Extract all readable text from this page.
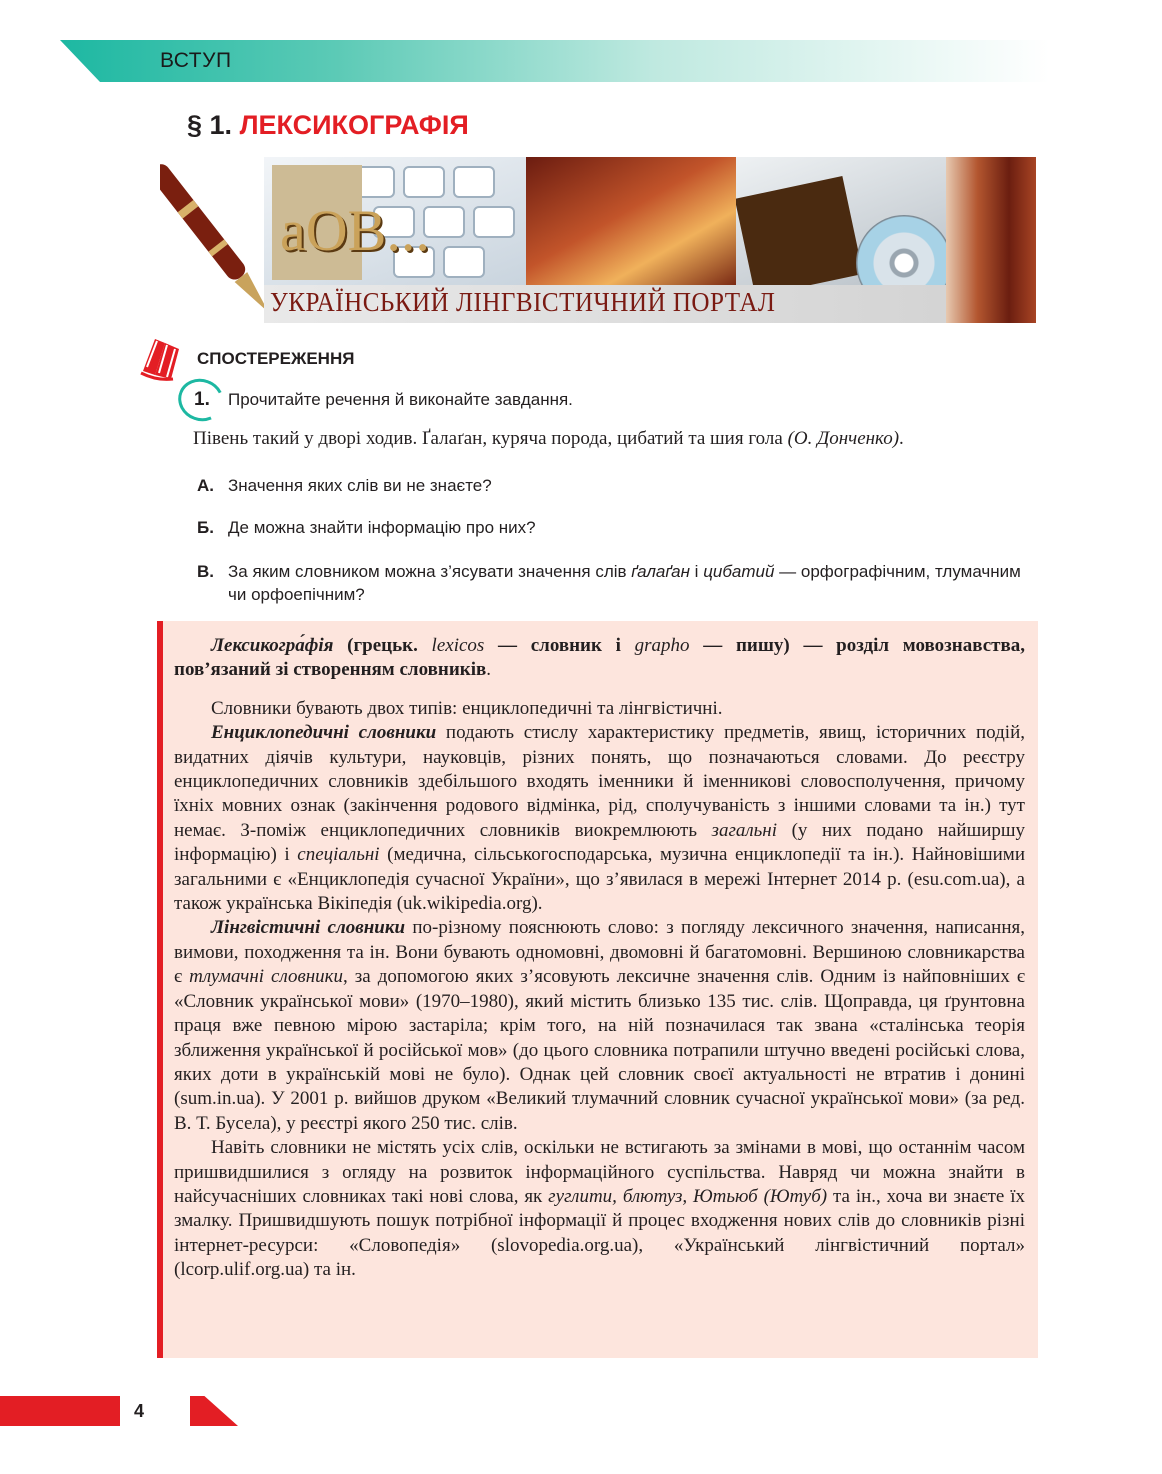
ВСТУП
§ 1. ЛЕКСИКОГРАФІЯ
аОВ...
УКРАЇНСЬКИЙ ЛІНГВІСТИЧНИЙ ПОРТАЛ
СПОСТЕРЕЖЕННЯ
1. Прочитайте речення й виконайте завдання.
Півень такий у дворі ходив. Ґалаґан, куряча порода, цибатий та шия гола (О. Донченко).
А. Значення яких слів ви не знаєте?
Б. Де можна знайти інформацію про них?
В. За яким словником можна з’ясувати значення слів ґалаґан і цибатий — орфографічним, тлумачним чи орфоепічним?

Лексикогра́фія (грецьк. lexicos — словник і grapho — пишу) — розділ мовознавства, пов’язаний зі створенням словників.

Словники бувають двох типів: енциклопедичні та лінгвістичні.

Енциклопедичні словники подають стислу характеристику предметів, явищ, історичних подій, видатних діячів культури, науковців, різних понять, що позначаються словами. До реєстру енциклопедичних словників здебільшого входять іменники й іменникові словосполучення, причому їхніх мовних ознак (закінчення родового відмінка, рід, сполучуваність з іншими словами та ін.) тут немає. З-поміж енциклопедичних словників виокремлюють загальні (у них подано найширшу інформацію) і спеціальні (медична, сільськогосподарська, музична енциклопедії та ін.). Найновішими загальними є «Енциклопедія сучасної України», що з’явилася в мережі Інтернет 2014 р. (esu.com.ua), а також українська Вікіпедія (uk.wikipedia.org).

Лінгвістичні словники по-різному пояснюють слово: з погляду лексичного значення, написання, вимови, походження та ін. Вони бувають одномовні, двомовні й багатомовні. Вершиною словникарства є тлумачні словники, за допомогою яких з’ясовують лексичне значення слів. Одним із найповніших є «Словник української мови» (1970–1980), який містить близько 135 тис. слів. Щоправда, ця ґрунтовна праця вже певною мірою застаріла; крім того, на ній позначилася так звана «сталінська теорія зближення української й російської мов» (до цього словника потрапили штучно введені російські слова, яких доти в українській мові не було). Однак цей словник своєї актуальності не втратив і донині (sum.in.ua). У 2001 р. вийшов друком «Великий тлумачний словник сучасної української мови» (за ред. В. Т. Бусела), у реєстрі якого 250 тис. слів.

Навіть словники не містять усіх слів, оскільки не встигають за змінами в мові, що останнім часом пришвидшилися з огляду на розвиток інформаційного суспільства. Навряд чи можна знайти в найсучасніших словниках такі нові слова, як гуглити, блютуз, Ютьюб (Ютуб) та ін., хоча ви знаєте їх змалку. Пришвидшують пошук потрібної інформації й процес входження нових слів до словників різні інтернет-ресурси: «Словопедія» (slovopedia.org.ua), «Український лінгвістичний портал» (lcorp.ulif.org.ua) та ін.

4
